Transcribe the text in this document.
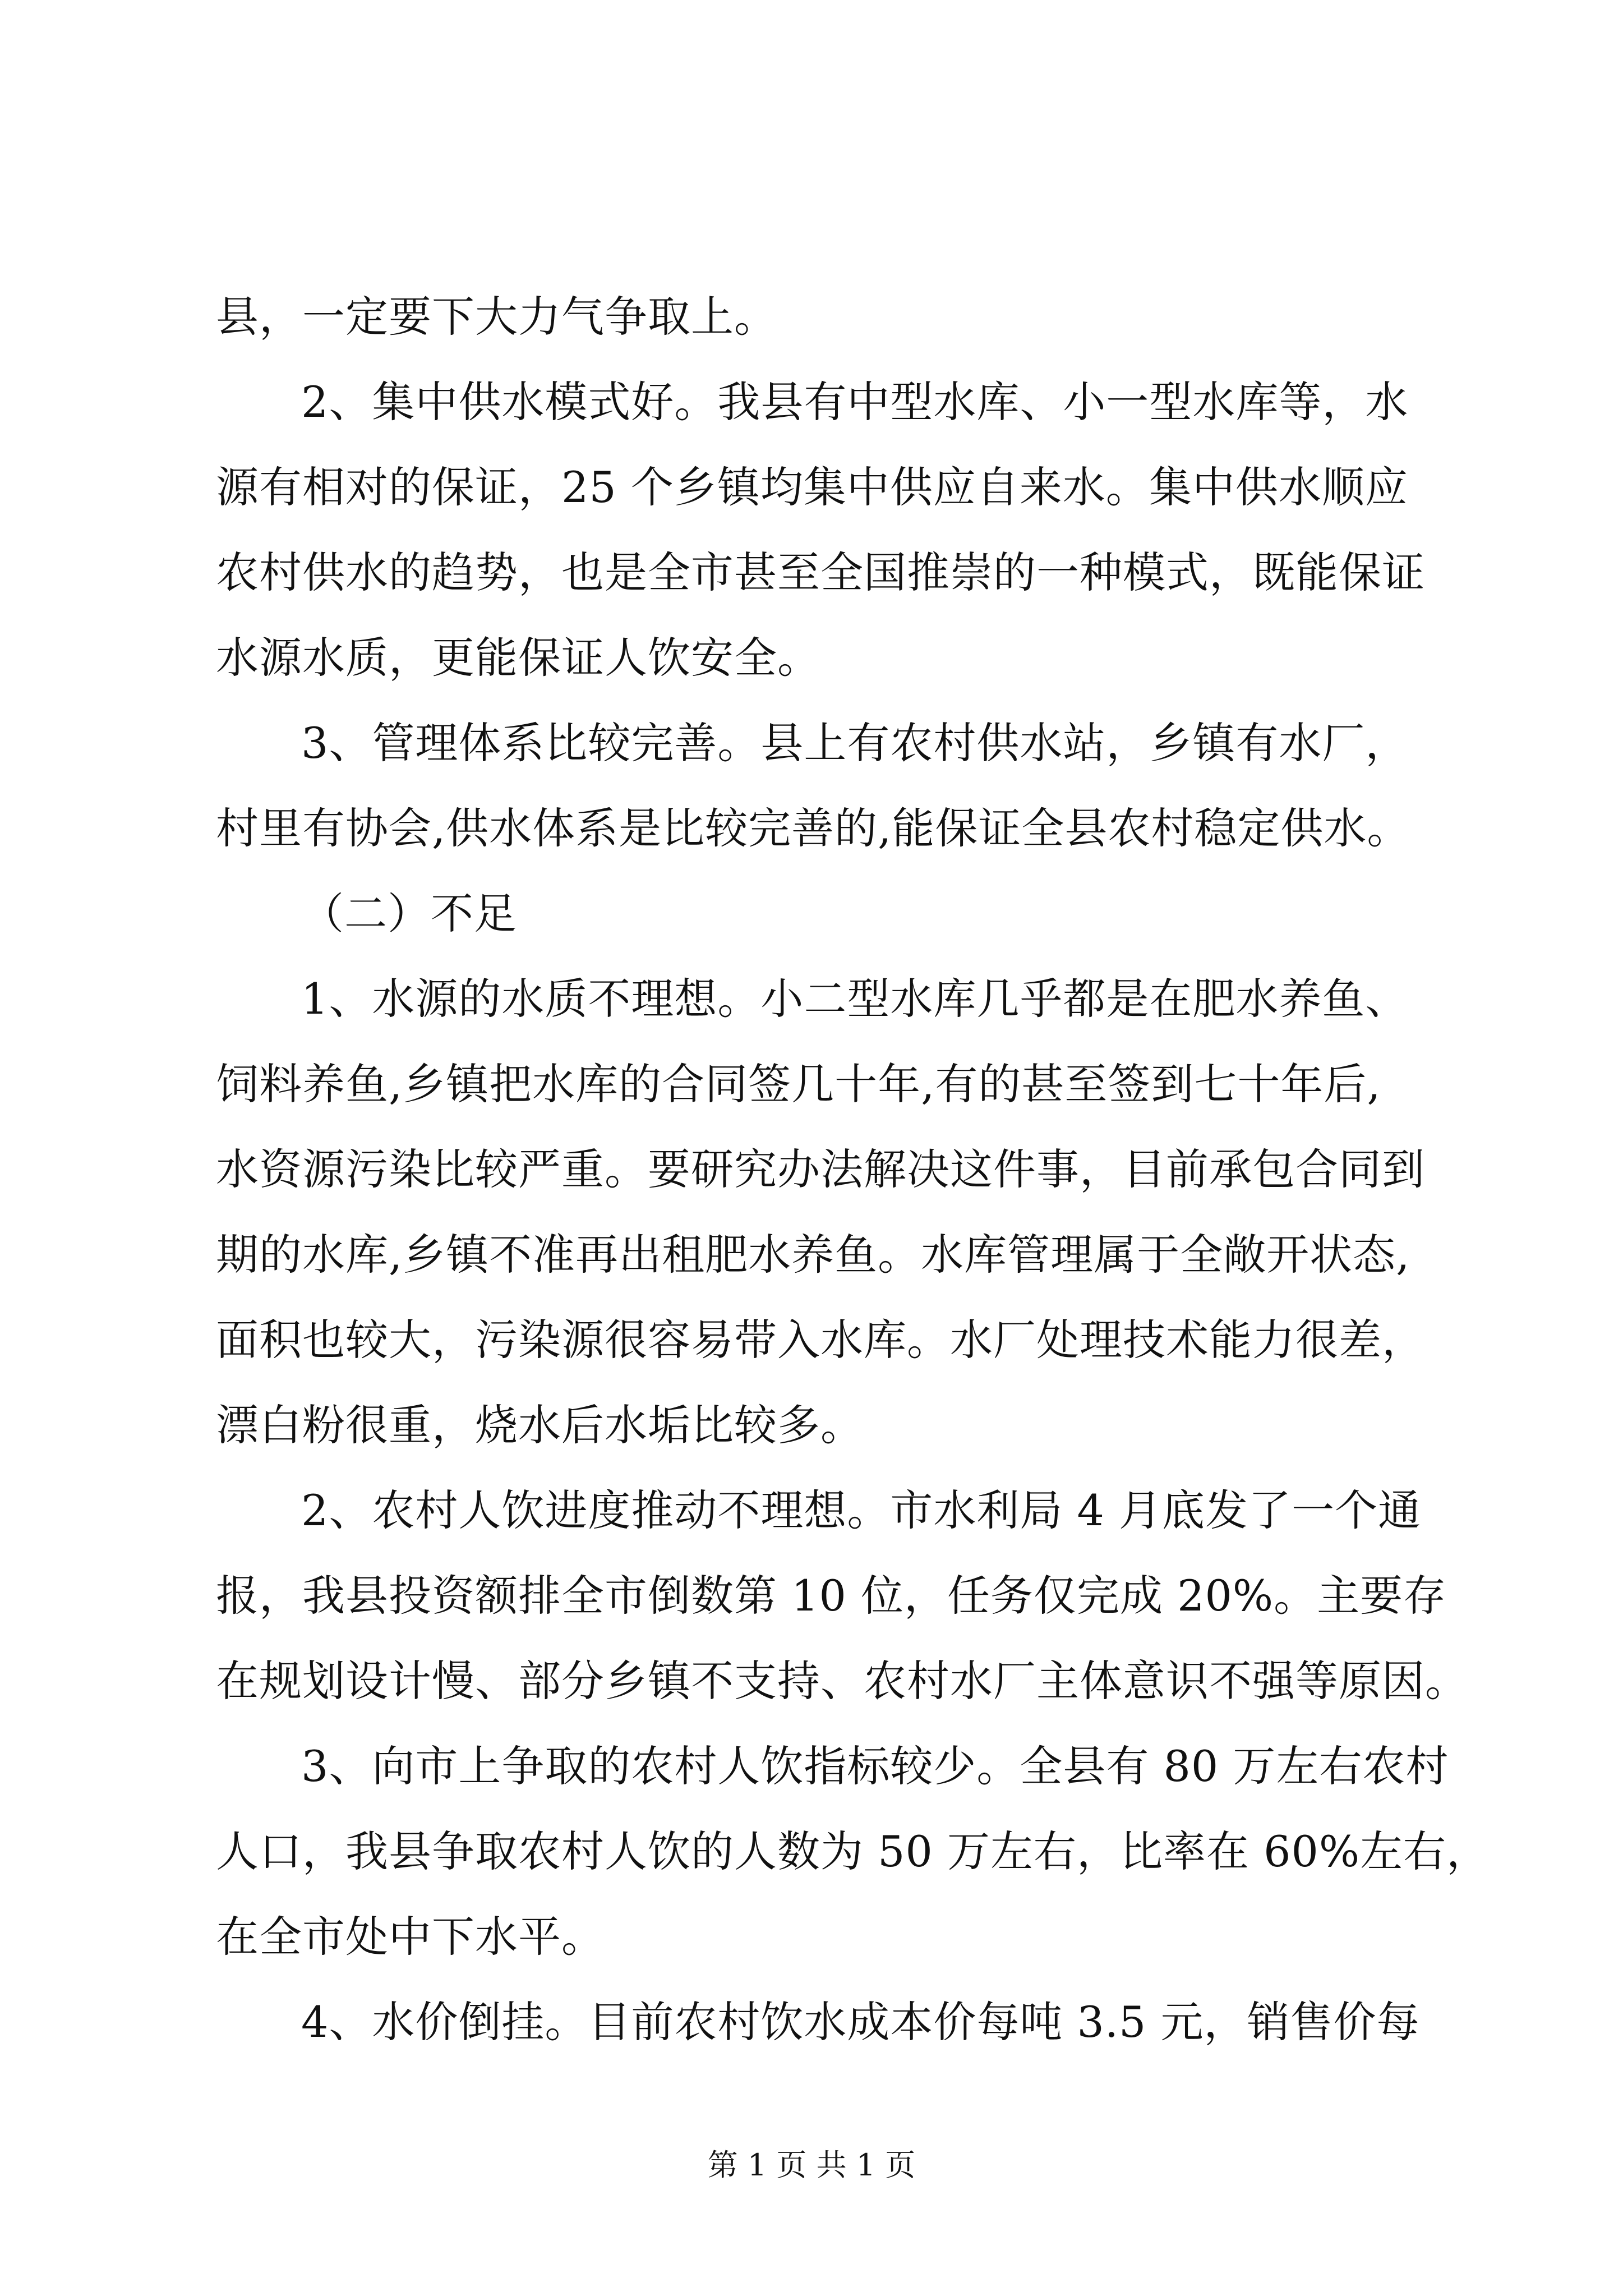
县，一定要下大力气争取上。
2、集中供水模式好。我县有中型水库、小一型水库等，水
源有相对的保证，25 个乡镇均集中供应自来水。集中供水顺应
农村供水的趋势，也是全市甚至全国推崇的一种模式，既能保证
水源水质，更能保证人饮安全。
3、管理体系比较完善。县上有农村供水站，乡镇有水厂，
村里有协会,供水体系是比较完善的,能保证全县农村稳定供水。
（二）不足
1、水源的水质不理想。小二型水库几乎都是在肥水养鱼、
饲料养鱼,乡镇把水库的合同签几十年,有的甚至签到七十年后,
水资源污染比较严重。要研究办法解决这件事，目前承包合同到
期的水库,乡镇不准再出租肥水养鱼。水库管理属于全敞开状态,
面积也较大，污染源很容易带入水库。水厂处理技术能力很差，
漂白粉很重，烧水后水垢比较多。
2、农村人饮进度推动不理想。市水利局 4 月底发了一个通
报，我县投资额排全市倒数第 10 位，任务仅完成 20%。主要存
在规划设计慢、部分乡镇不支持、农村水厂主体意识不强等原因。
3、向市上争取的农村人饮指标较少。全县有 80 万左右农村
人口，我县争取农村人饮的人数为 50 万左右，比率在 60%左右，
在全市处中下水平。
4、水价倒挂。目前农村饮水成本价每吨 3.5 元，销售价每
第 1 页 共 1 页
